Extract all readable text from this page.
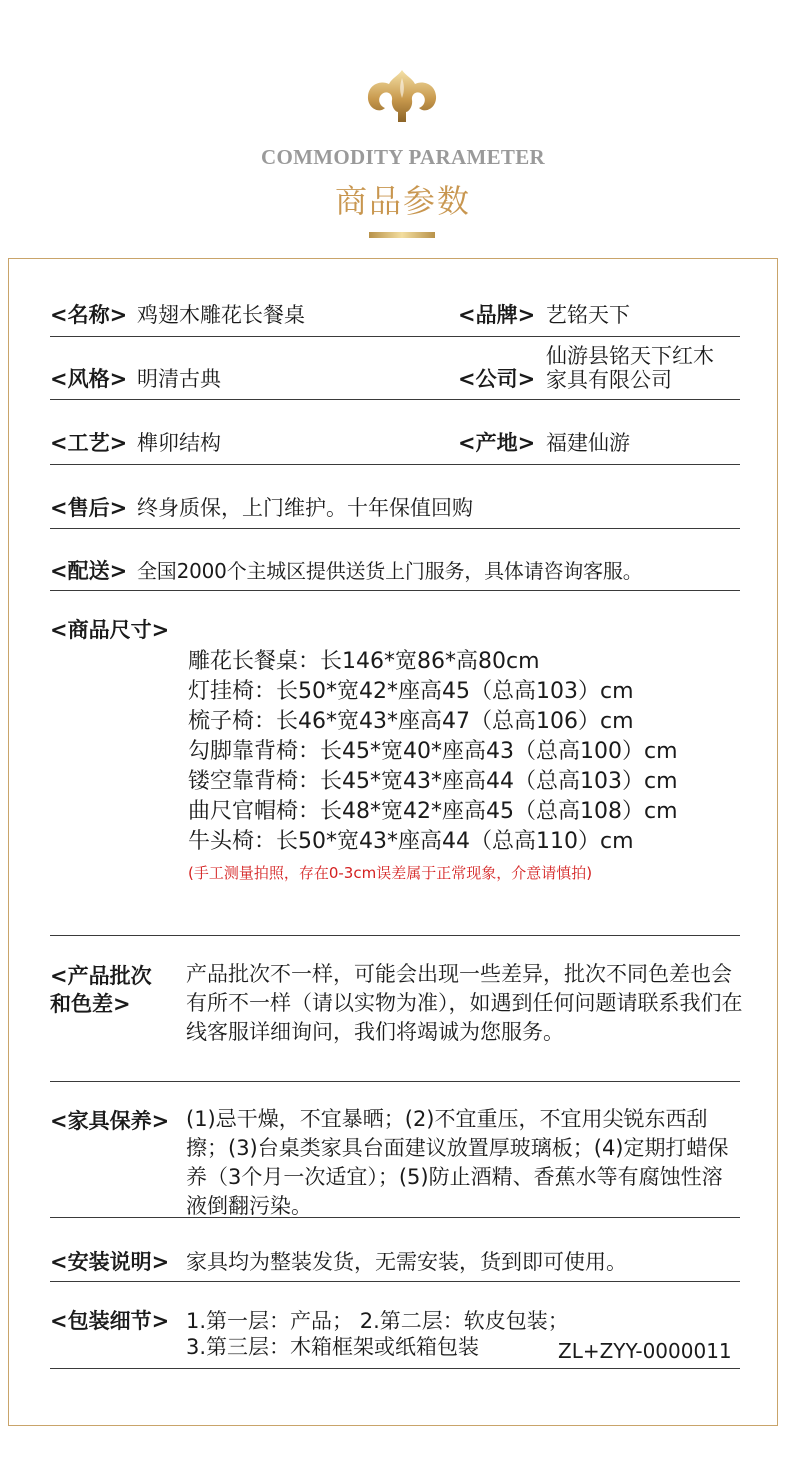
COMMODITY PARAMETER
商品参数
<名称> 鸡翅木雕花长餐桌	<品牌> 艺铭天下
<风格> 明清古典	<公司>
仙游县铭天下红木
家具有限公司
<工艺> 榫卯结构	<产地> 福建仙游
<售后> 终身质保，上门维护。十年保值回购
<配送> 全国2000个主城区提供送货上门服务，具体请咨询客服。
<商品尺寸>
雕花长餐桌：长146*宽86*高80cm
灯挂椅：长50*宽42*座高45（总高103）cm
梳子椅：长46*宽43*座高47（总高106）cm
勾脚靠背椅：长45*宽40*座高43（总高100）cm
镂空靠背椅：长45*宽43*座高44（总高103）cm
曲尺官帽椅：长48*宽42*座高45（总高108）cm
牛头椅：长50*宽43*座高44（总高110）cm
(手工测量拍照，存在0-3cm误差属于正常现象，介意请慎拍)
<产品批次
和色差>
产品批次不一样，可能会出现一些差异，批次不同色差也会有所不一样（请以实物为准），如遇到任何问题请联系我们在线客服详细询问，我们将竭诚为您服务。
<家具保养> (1)忌干燥，不宜暴晒；(2)不宜重压，不宜用尖锐东西刮擦；(3)台桌类家具台面建议放置厚玻璃板；(4)定期打蜡保养（3个月一次适宜）；(5)防止酒精、香蕉水等有腐蚀性溶液倒翻污染。
<安装说明> 家具均为整装发货，无需安装，货到即可使用。
<包装细节> 1.第一层：产品； 2.第二层：软皮包装；
3.第三层：木箱框架或纸箱包装	ZL+ZYY-0000011
